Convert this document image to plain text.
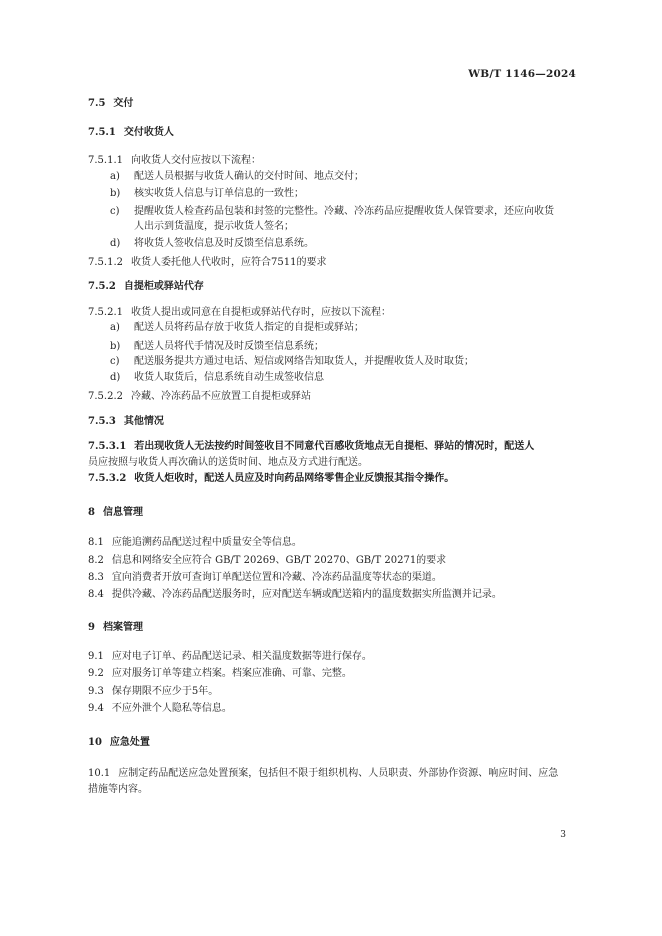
WB/T 1146—2024
7.5 交付
7.5.1 交付收货人
7.5.1.1 向收货人交付应按以下流程：
a) 配送人员根据与收货人确认的交付时间、地点交付；
b) 核实收货人信息与订单信息的一致性；
c) 提醒收货人检查药品包装和封签的完整性。冷藏、冷冻药品应提醒收货人保管要求，还应向收货
人出示到货温度，提示收货人签名；
d) 将收货人签收信息及时反馈至信息系统。
7.5.1.2 收货人委托他人代收时，应符合7511的要求
7.5.2 自提柜或驿站代存
7.5.2.1 收货人提出或同意在自提柜或驿站代存时，应按以下流程：
a) 配送人员将药品存放于收货人指定的自提柜或驿站；
b) 配送人员将代手情况及时反馈至信息系统；
c) 配送服务提共方通过电话、短信或网络告知取货人，并提醒收货人及时取货；
d) 收货人取货后，信息系统自动生成签收信息
7.5.2.2 冷藏、冷冻药品不应放置工自提柜或驿站
7.5.3 其他情况
7.5.3.1 若出现收货人无法按约时间签收目不同意代百感收货地点无自提柜、驿站的情况时，配送人
员应按照与收货人再次确认的送货时间、地点及方式进行配送。
7.5.3.2 收货人炬收时，配送人员应及时向药品网络零售企业反馈报其指令操作。
8 信息管理
8.1 应能追溯药品配送过程中质量安全等信息。
8.2 信息和网络安全应符合 GB/T 20269、GB/T 20270、GB/T 20271的要求
8.3 宜向消费者开放可查询订单配送位置和冷藏、冷冻药品温度等状态的渠道。
8.4 提供冷藏、冷冻药品配送服务时，应对配送车辆或配送箱内的温度数据实所监测并记录。
9 档案管理
9.1 应对电子订单、药品配送记录、相关温度数据等进行保存。
9.2 应对服务订单等建立档案。档案应准确、可靠、完整。
9.3 保存期限不应少于5年。
9.4 不应外泄个人隐私等信息。
10 应急处置
10.1 应制定药品配送应急处置预案，包括但不限于组织机构、人员职责、外部协作资源、响应时间、应急
措施等内容。
3
